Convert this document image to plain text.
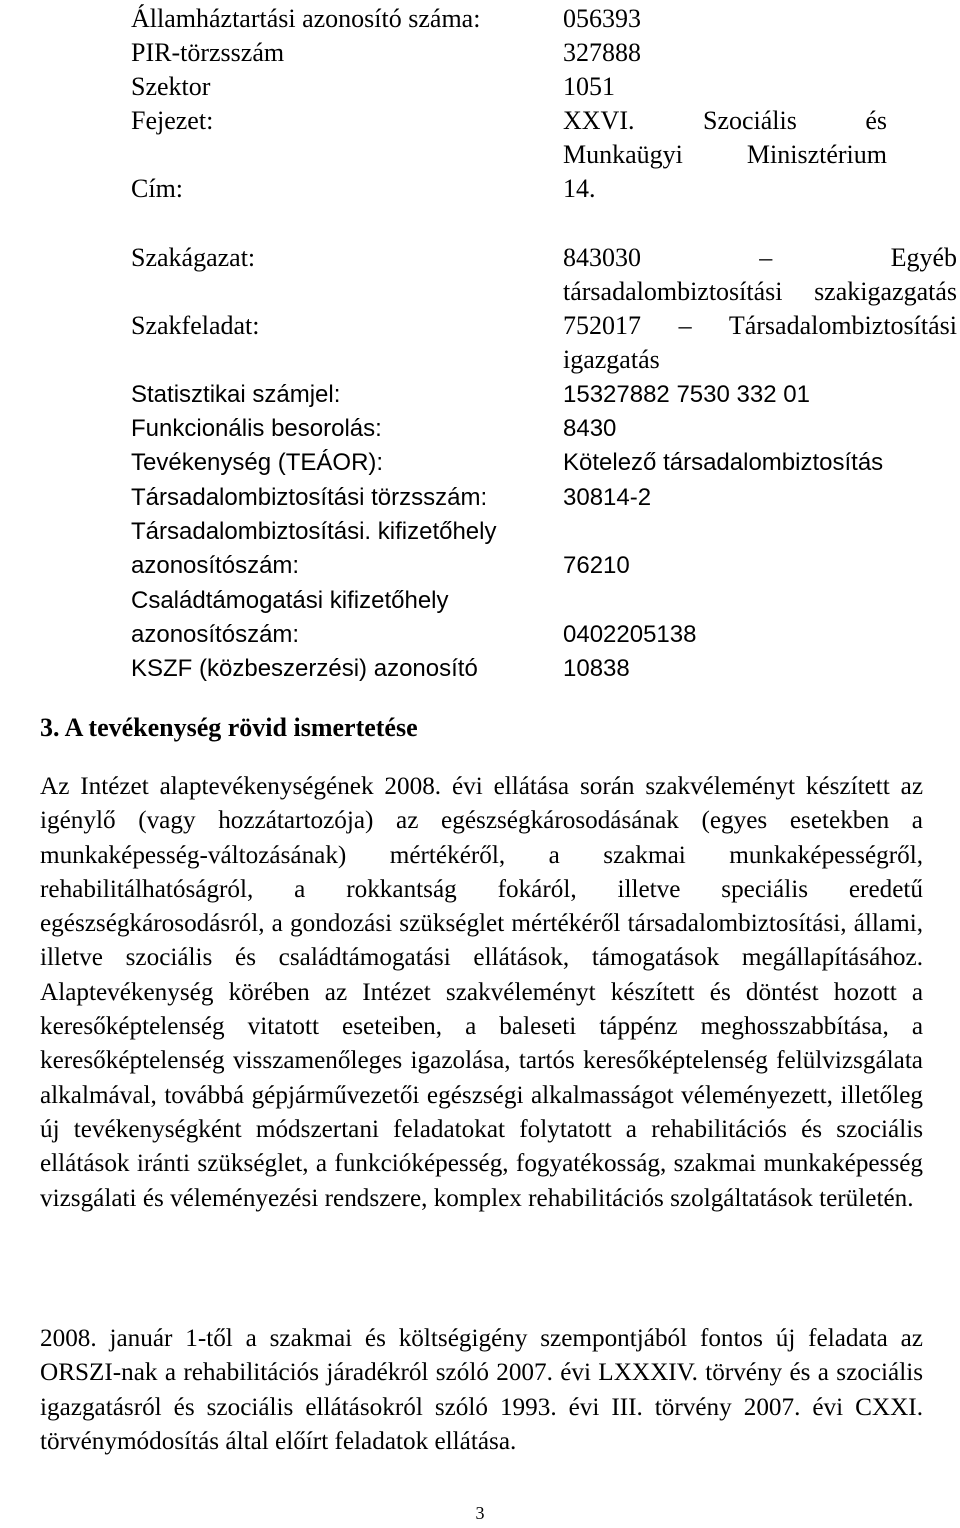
Államháztartási azonosító száma:	056393
PIR-törzsszám	327888
Szektor	1051
Fejezet:	XXVI. Szociális és Munkaügyi Minisztérium
Cím:	14.
Szakágazat:	843030 – Egyéb társadalombiztosítási szakigazgatás
Szakfeladat:	752017 – Társadalombiztosítási igazgatás
Statisztikai számjel:	15327882 7530 332 01
Funkcionális besorolás:	8430
Tevékenység (TEÁOR):	Kötelező társadalombiztosítás
Társadalombiztosítási törzsszám:	30814-2
Társadalombiztosítási. kifizetőhely
azonosítószám:	76210
Családtámogatási kifizetőhely
azonosítószám:	0402205138
KSZF (közbeszerzési) azonosító	10838
3. A tevékenység rövid ismertetése

Az Intézet alaptevékenységének 2008. évi ellátása során szakvéleményt készített az igénylő (vagy hozzátartozója) az egészségkárosodásának (egyes esetekben a munkaképesség-változásának) mértékéről, a szakmai munkaképességről, rehabilitálhatóságról, a rokkantság fokáról, illetve speciális eredetű egészségkárosodásról, a gondozási szükséglet mértékéről társadalombiztosítási, állami, illetve szociális és családtámogatási ellátások, támogatások megállapításához. Alaptevékenység körében az Intézet szakvéleményt készített és döntést hozott a keresőképtelenség vitatott eseteiben, a baleseti táppénz meghosszabbítása, a keresőképtelenség visszamenőleges igazolása, tartós keresőképtelenség felülvizsgálata alkalmával, továbbá gépjárművezetői egészségi alkalmasságot véleményezett, illetőleg új tevékenységként módszertani feladatokat folytatott a rehabilitációs és szociális ellátások iránti szükséglet, a funkcióképesség, fogyatékosság, szakmai munkaképesség vizsgálati és véleményezési rendszere, komplex rehabilitációs szolgáltatások területén.

2008. január 1-től a szakmai és költségigény szempontjából fontos új feladata az ORSZI-nak a rehabilitációs járadékról szóló 2007. évi LXXXIV. törvény és a szociális igazgatásról és szociális ellátásokról szóló 1993. évi III. törvény 2007. évi CXXI. törvénymódosítás által előírt feladatok ellátása.

3
